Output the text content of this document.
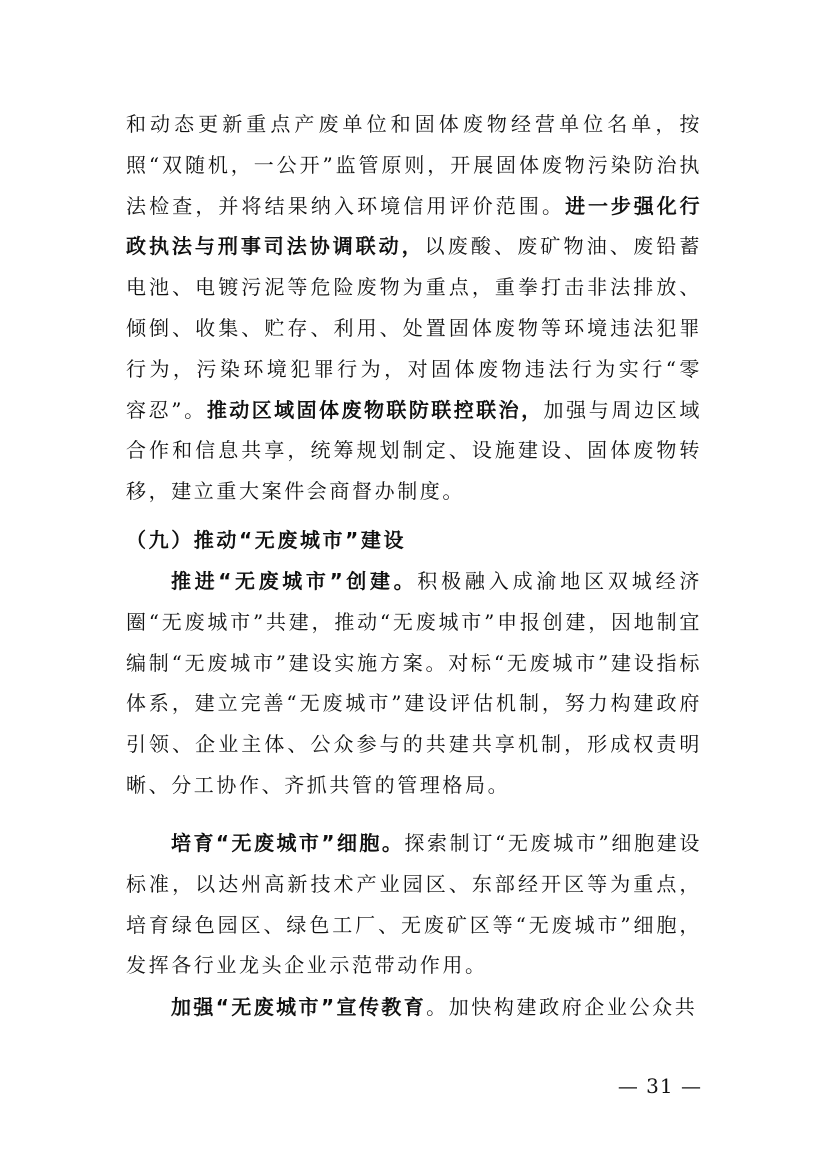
和动态更新重点产废单位和固体废物经营单位名单，按照“双随机，一公开”监管原则，开展固体废物污染防治执法检查，并将结果纳入环境信用评价范围。进一步强化行政执法与刑事司法协调联动，以废酸、废矿物油、废铅蓄电池、电镀污泥等危险废物为重点，重拳打击非法排放、倾倒、收集、贮存、利用、处置固体废物等环境违法犯罪行为，污染环境犯罪行为，对固体废物违法行为实行“零容忍”。推动区域固体废物联防联控联治，加强与周边区域合作和信息共享，统筹规划制定、设施建设、固体废物转移，建立重大案件会商督办制度。

（九）推动“无废城市”建设

推进“无废城市”创建。积极融入成渝地区双城经济圈“无废城市”共建，推动“无废城市”申报创建，因地制宜编制“无废城市”建设实施方案。对标“无废城市”建设指标体系，建立完善“无废城市”建设评估机制，努力构建政府引领、企业主体、公众参与的共建共享机制，形成权责明晰、分工协作、齐抓共管的管理格局。

培育“无废城市”细胞。探索制订“无废城市”细胞建设标准，以达州高新技术产业园区、东部经开区等为重点，培育绿色园区、绿色工厂、无废矿区等“无废城市”细胞，发挥各行业龙头企业示范带动作用。

加强“无废城市”宣传教育。加快构建政府企业公众共

— 31 —
